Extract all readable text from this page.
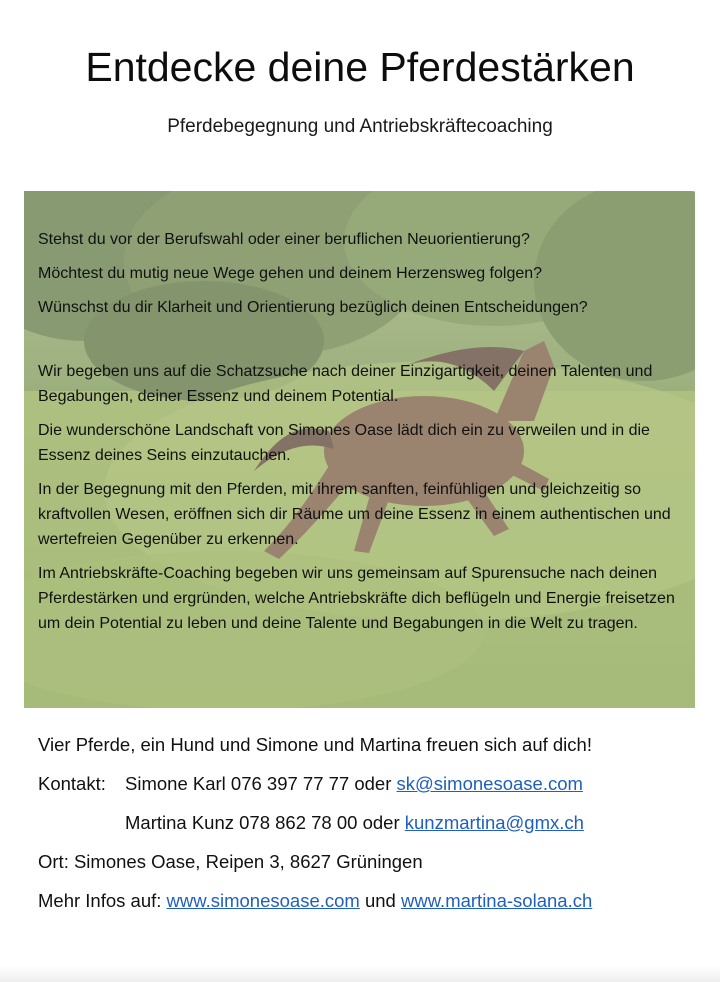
Entdecke deine Pferdestärken
Pferdebegegnung und Antriebskräftecoaching

Stehst du vor der Berufswahl oder einer beruflichen Neuorientierung?

Möchtest du mutig neue Wege gehen und deinem Herzensweg folgen?

Wünschst du dir Klarheit und Orientierung bezüglich deinen Entscheidungen?

Wir begeben uns auf die Schatzsuche nach deiner Einzigartigkeit, deinen Talenten und Begabungen, deiner Essenz und deinem Potential.

Die wunderschöne Landschaft von Simones Oase lädt dich ein zu verweilen und in die Essenz deines Seins einzutauchen.

In der Begegnung mit den Pferden, mit ihrem sanften, feinfühligen und gleichzeitig so kraftvollen Wesen, eröffnen sich dir Räume um deine Essenz in einem authentischen und wertefreien Gegenüber zu erkennen.

Im Antriebskräfte-Coaching begeben wir uns gemeinsam auf Spurensuche nach deinen Pferdestärken und ergründen, welche Antriebskräfte dich beflügeln und Energie freisetzen um dein Potential zu leben und deine Talente und Begabungen in die Welt zu tragen.

Vier Pferde, ein Hund und Simone und Martina freuen sich auf dich!
Kontakt: Simone Karl 076 397 77 77 oder sk@simonesoase.com
Martina Kunz 078 862 78 00 oder kunzmartina@gmx.ch
Ort: Simones Oase, Reipen 3, 8627 Grüningen
Mehr Infos auf: www.simonesoase.com und www.martina-solana.ch
